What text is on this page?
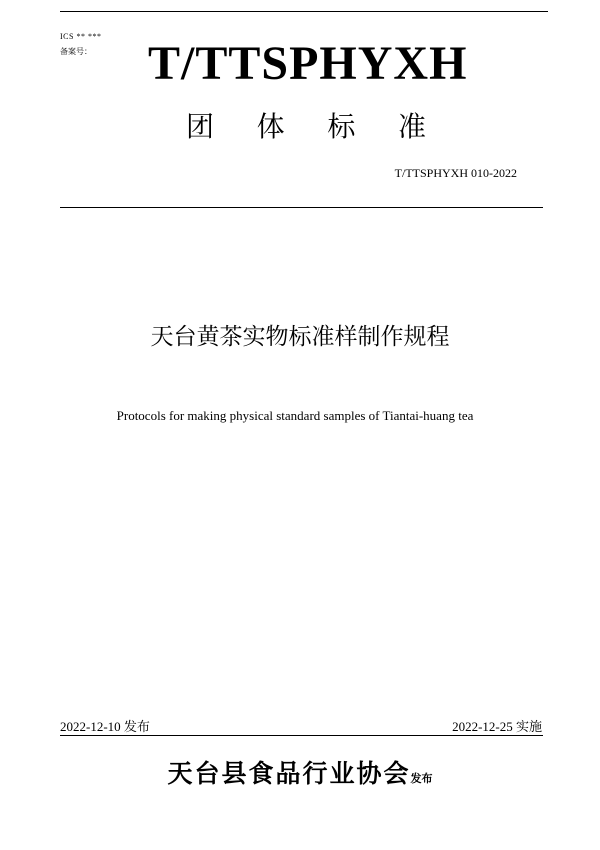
ICS ** ***
备案号： T/TTSPHYXH
团 体 标 准
T/TTSPHYXH 010-2022
天台黄茶实物标准样制作规程
Protocols for making physical standard samples of Tiantai-huang tea
2022-12-10 发布	2022-12-25 实施
天台县食品行业协会发布
